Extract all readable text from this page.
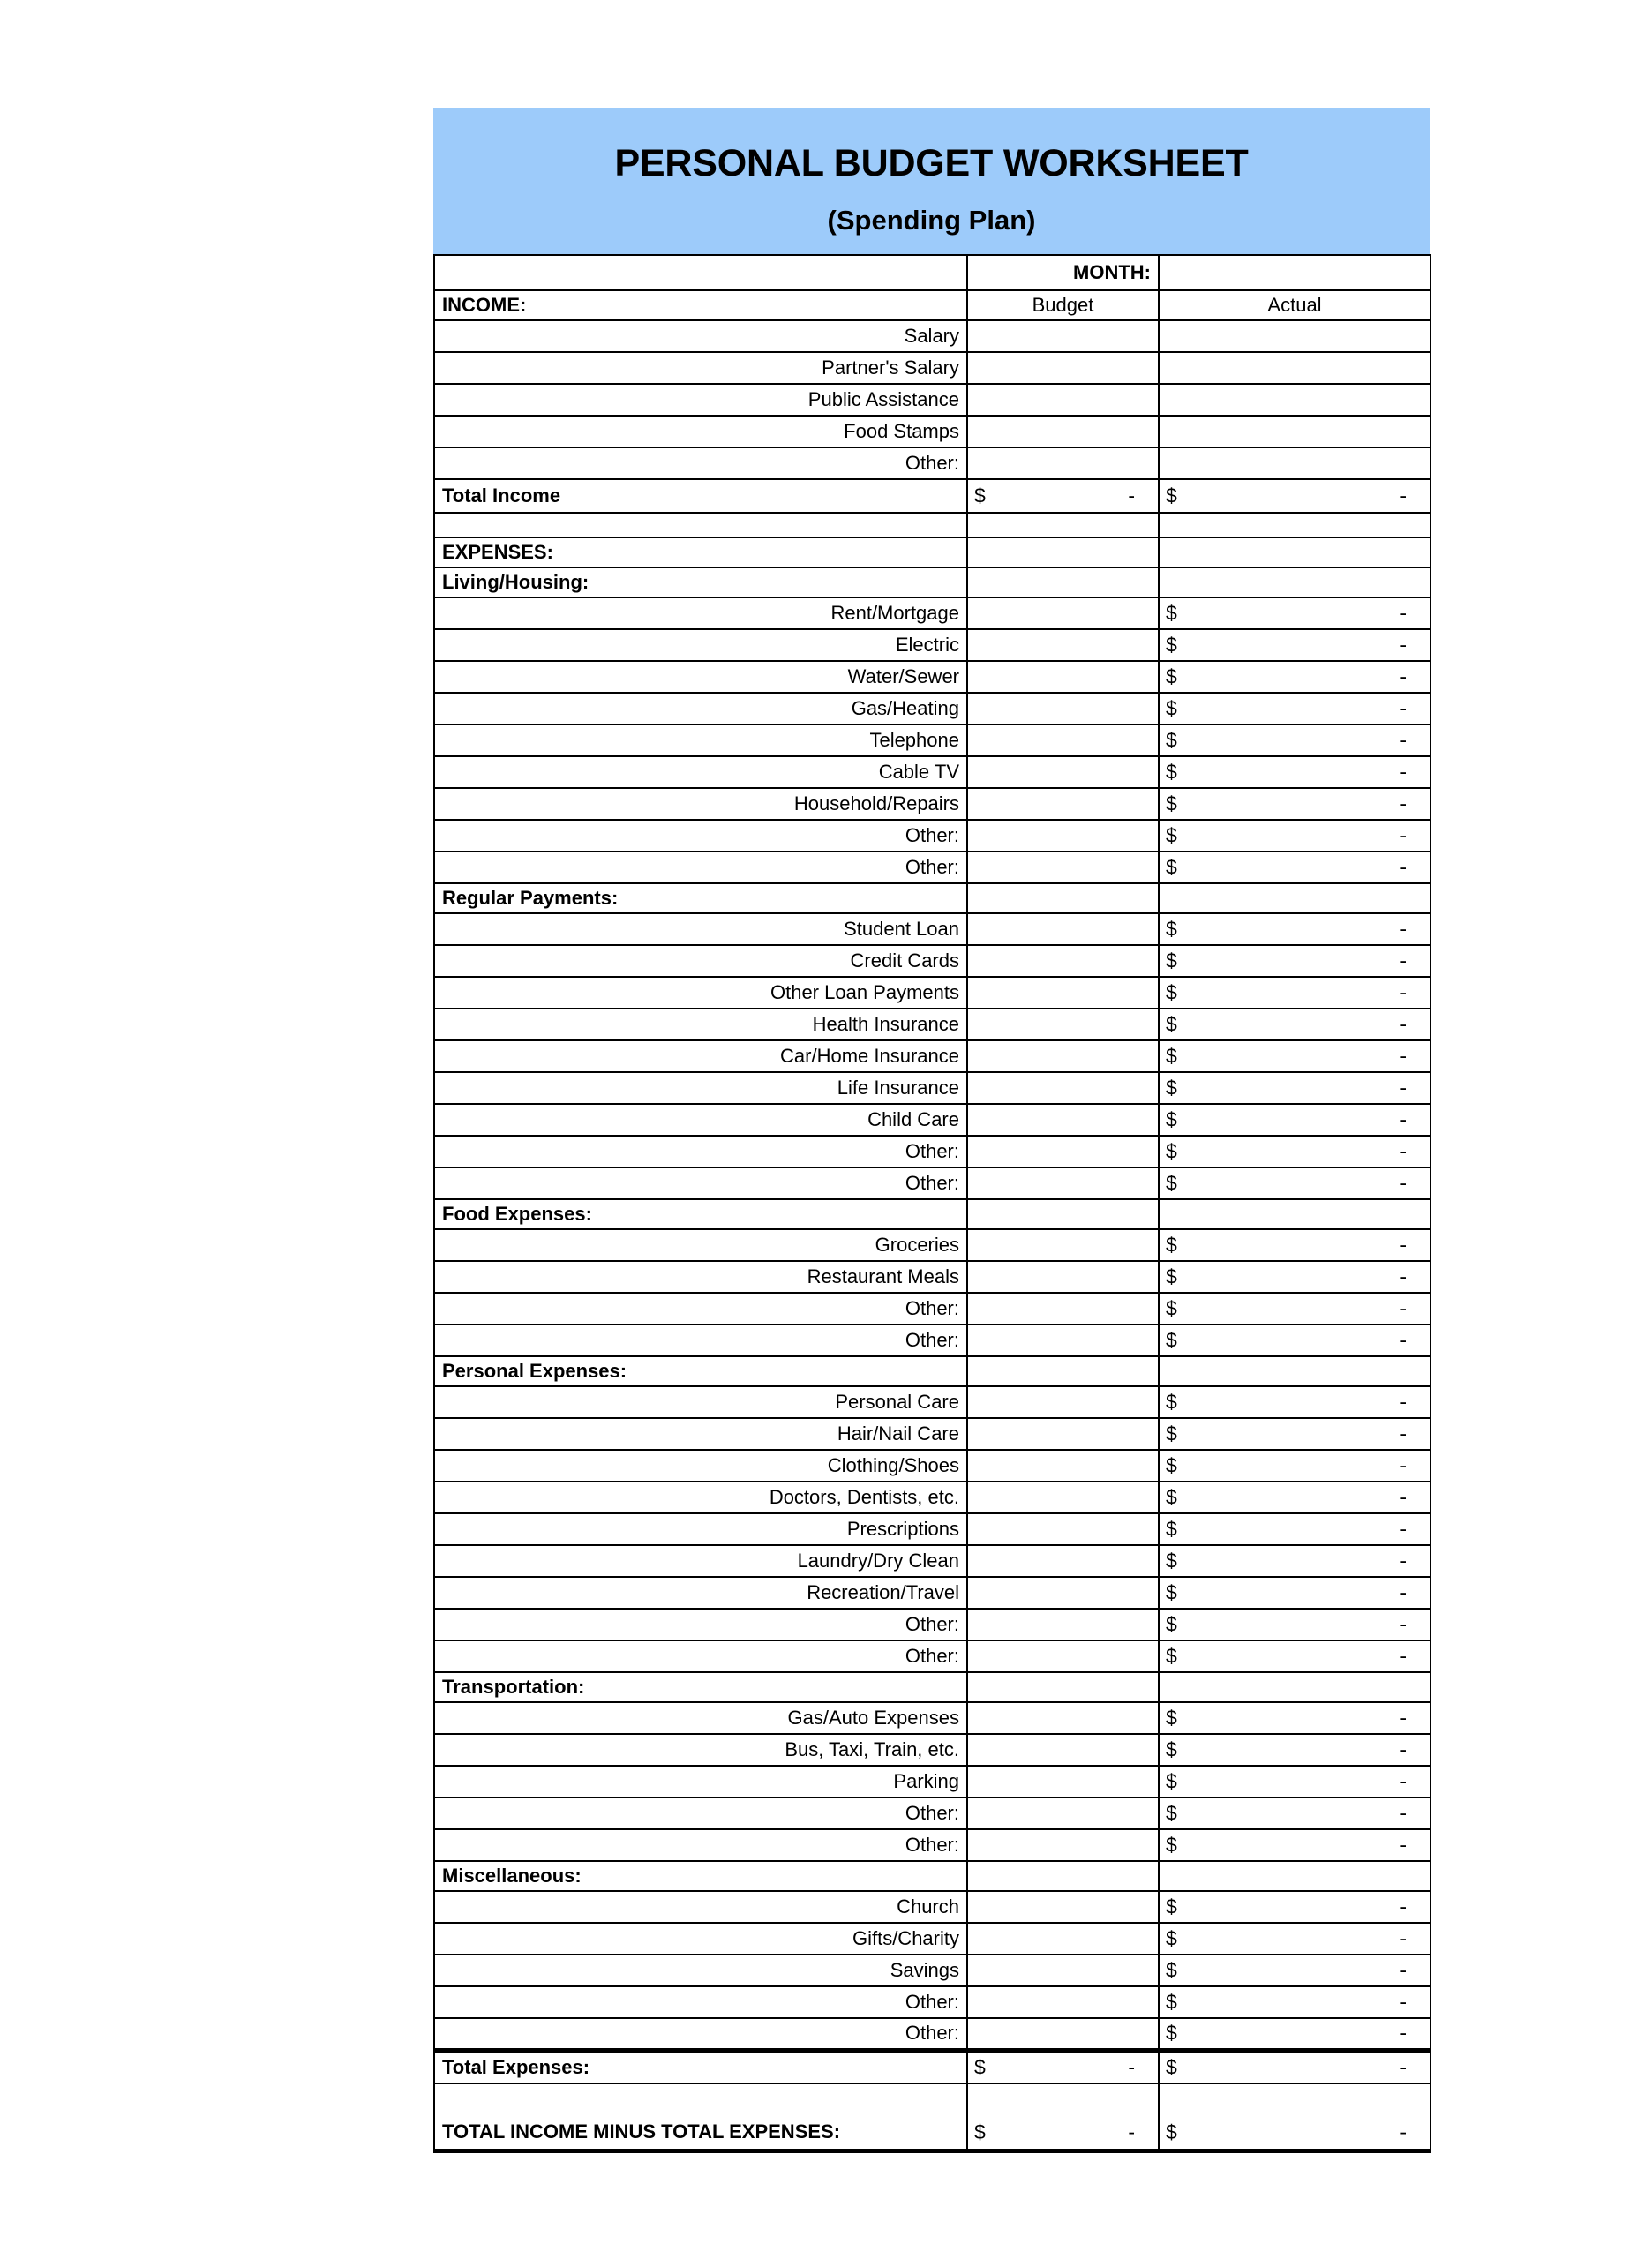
PERSONAL BUDGET WORKSHEET
(Spending Plan)
	MONTH:	
INCOME:	Budget	Actual
Salary		
Partner's Salary		
Public Assistance		
Food Stamps		
Other:		
Total Income	$ -	$ -

EXPENSES:		
Living/Housing:		
Rent/Mortgage		$ -

Electric		$ -

Water/Sewer		$ -

Gas/Heating		$ -

Telephone		$ -

Cable TV		$ -

Household/Repairs		$ -

Other:		$ -

Other:		$ -

Regular Payments:		
Student Loan		$ -

Credit Cards		$ -

Other Loan Payments		$ -

Health Insurance		$ -

Car/Home Insurance		$ -

Life Insurance		$ -

Child Care		$ -

Other:		$ -

Other:		$ -

Food Expenses:		
Groceries		$ -

Restaurant Meals		$ -

Other:		$ -

Other:		$ -

Personal Expenses:		
Personal Care		$ -

Hair/Nail Care		$ -

Clothing/Shoes		$ -

Doctors, Dentists, etc.		$ -

Prescriptions		$ -

Laundry/Dry Clean		$ -

Recreation/Travel		$ -

Other:		$ -

Other:		$ -

Transportation:		
Gas/Auto Expenses		$ -

Bus, Taxi, Train, etc.		$ -

Parking		$ -

Other:		$ -

Other:		$ -

Miscellaneous:		
Church		$ -

Gifts/Charity		$ -

Savings		$ -

Other:		$ -

Other:		$ -

Total Expenses:	$ -	$ -

TOTAL INCOME MINUS TOTAL EXPENSES:	$ -	$ -
